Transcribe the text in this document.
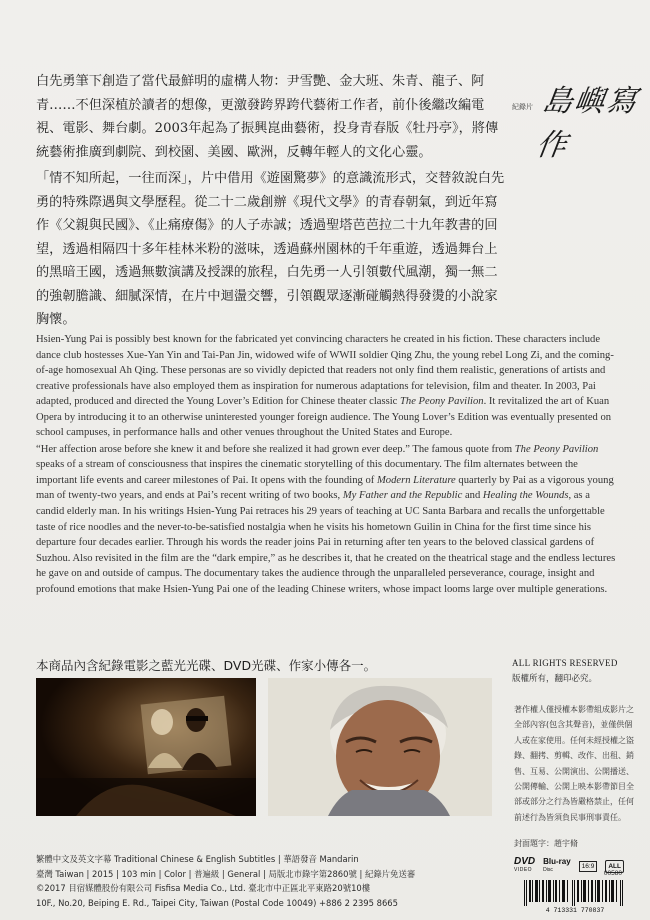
白先勇筆下創造了當代最鮮明的虛構人物：尹雪艷、金大班、朱青、龍子、阿青……不但深植於讀者的想像，更激發跨界跨代藝術工作者，前仆後繼改編電視、電影、舞台劇。2003年起為了振興崑曲藝術，投身青春版《牡丹亭》，將傳統藝術推廣到劇院、到校園、美國、歐洲，反轉年輕人的文化心靈。

「情不知所起，一往而深」，片中借用《遊園驚夢》的意識流形式，交替敘說白先勇的特殊際遇與文學歷程。從二十二歲創辦《現代文學》的青春朝氣，到近年寫作《父親與民國》、《止痛療傷》的人子赤誠；透過聖塔芭芭拉二十九年教書的回望，透過相隔四十多年桂林米粉的滋味，透過蘇州園林的千年重遊，透過舞台上的黑暗王國，透過無數演講及授課的旅程，白先勇一人引領數代風潮，獨一無二的強韌膽識、細膩深情，在片中迴盪交響，引領觀眾逐漸碰觸熱得發燙的小說家胸懷。

紀錄片 島嶼寫作

Hsien-Yung Pai is possibly best known for the fabricated yet convincing characters he created in his fiction. These characters include dance club hostesses Xue-Yan Yin and Tai-Pan Jin, widowed wife of WWII soldier Qing Zhu, the young rebel Long Zi, and the coming-of-age homosexual Ah Qing. These personas are so vividly depicted that readers not only find them realistic, generations of artists and creative professionals have also employed them as inspiration for numerous adaptations for television, film and theater. In 2003, Pai adapted, produced and directed the Young Lover’s Edition for Chinese theater classic The Peony Pavilion. It revitalized the art of Kuan Opera by introducing it to an otherwise uninterested younger foreign audience. The Young Lover’s Edition was eventually presented on school campuses, in performance halls and other venues throughout the United States and Europe.

“Her affection arose before she knew it and before she realized it had grown ever deep.” The famous quote from The Peony Pavilion speaks of a stream of consciousness that inspires the cinematic storytelling of this documentary. The film alternates between the important life events and career milestones of Pai. It opens with the founding of Modern Literature quarterly by Pai as a vigorous young man of twenty-two years, and ends at Pai’s recent writing of two books, My Father and the Republic and Healing the Wounds, as a candid elderly man. In his writings Hsien-Yung Pai retraces his 29 years of teaching at UC Santa Barbara and recalls the unforgettable taste of rice noodles and the never-to-be-satisfied nostalgia when he visits his hometown Guilin in China for the first time since his departure four decades earlier. Through his words the reader joins Pai in returning after ten years to the beloved classical gardens of Suzhou. Also revisited in the film are the “dark empire,” as he describes it, that he created on the theatrical stage and the endless lectures he gave on and outside of campus. The documentary takes the audience through the unparalleled perseverance, courage, insight and profound emotions that make Hsien-Yung Pai one of the leading Chinese writers, whose impact looms large over multiple generations.

本商品內含紀錄電影之藍光光碟、DVD光碟、作家小傳各一。	ALL RIGHTS RESERVED
版權所有，翻印必究。
著作權人僅授權本影帶組成影片之全部內容(包含其聲音)，並僅供個人或在家使用。任何未經授權之盜錄、翻拷、剪輯、改作、出租、銷售、互易、公開演出、公開播送、公開傳輸、公開上映本影帶節目全部或部分之行為皆嚴格禁止，任何前述行為皆須負民事刑事責任。
封面題字：趙宇脩
繁體中文及英文字幕 Traditional Chinese & English Subtitles | 華語發音 Mandarin
臺灣 Taiwan | 2015 | 103 min | Color | 普遍級 | General | 局版北市錄字第2860號 | 紀錄片免送審
©2017 目宿媒體股份有限公司 Fisfisa Media Co., Ltd. 臺北市中正區北平東路20號10樓
10F., No.20, Beiping E. Rd., Taipei City, Taiwan (Postal Code 10049) +886 2 2395 8665
DVD
VIDEO
Blu-ray
Disc
16:9	ALL
00580
4 713331 770837
